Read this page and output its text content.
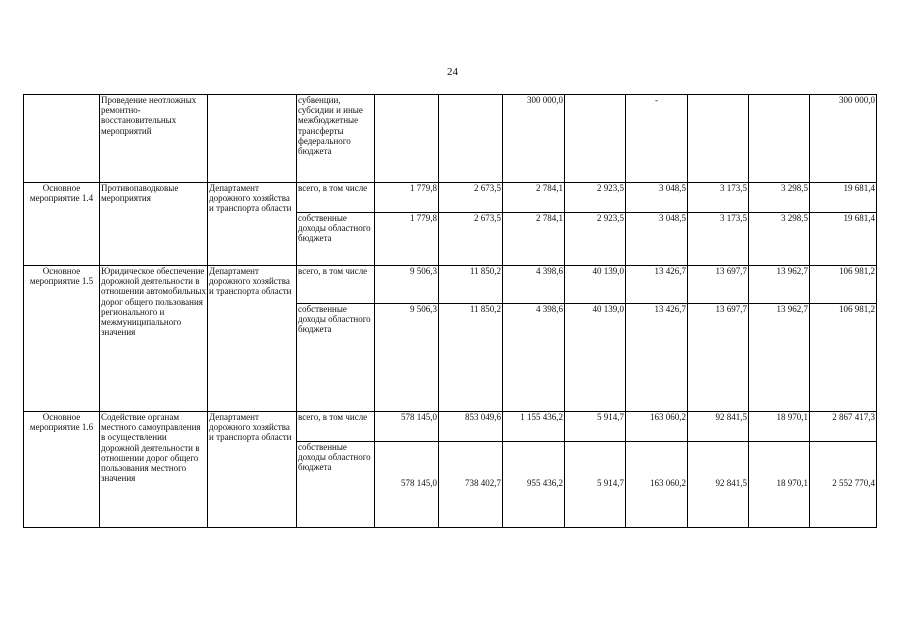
24
	Проведение неотложных ремонтно-восстановительных мероприятий		субвенции, субсидии и иные межбюджетные трансферты федерального бюджета			300 000,0		-			300 000,0
Основное мероприятие 1.4	Противопаводковые мероприятия	Департамент дорожного хозяйства и транспорта области	всего, в том числе	1 779,8	2 673,5	2 784,1	2 923,5	3 048,5	3 173,5	3 298,5	19 681,4
			собственные доходы областного бюджета	1 779,8	2 673,5	2 784,1	2 923,5	3 048,5	3 173,5	3 298,5	19 681,4
Основное мероприятие 1.5	Юридическое обеспечение дорожной деятельности в отношении автомобильных дорог общего пользования регионального и межмуниципального значения	Департамент дорожного хозяйства и транспорта области	всего, в том числе	9 506,3	11 850,2	4 398,6	40 139,0	13 426,7	13 697,7	13 962,7	106 981,2
			собственные доходы областного бюджета	9 506,3	11 850,2	4 398,6	40 139,0	13 426,7	13 697,7	13 962,7	106 981,2
Основное мероприятие 1.6	Содействие органам местного самоуправления в осуществлении дорожной деятельности в отношении дорог общего пользования местного значения	Департамент дорожного хозяйства и транспорта области	всего, в том числе	578 145,0	853 049,6	1 155 436,2	5 914,7	163 060,2	92 841,5	18 970,1	2 867 417,3
			собственные доходы областного бюджета	578 145,0	738 402,7	955 436,2	5 914,7	163 060,2	92 841,5	18 970,1	2 552 770,4
